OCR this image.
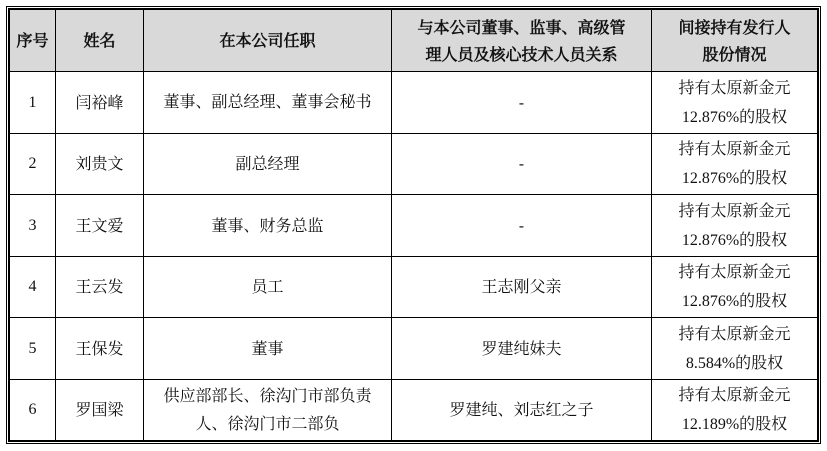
序号	姓名	在本公司任职	与本公司董事、监事、高级管
理人员及核心技术人员关系	间接持有发行人
股份情况
1	闫裕峰	董事、副总经理、董事会秘书	-	持有太原新金元
12.876%的股权
2	刘贵文	副总经理	-	持有太原新金元
12.876%的股权
3	王文爱	董事、财务总监	-	持有太原新金元
12.876%的股权
4	王云发	员工	王志刚父亲	持有太原新金元
12.876%的股权
5	王保发	董事	罗建纯妹夫	持有太原新金元
8.584%的股权
6	罗国梁	供应部部长、徐沟门市部负责人、徐沟门市二部负	罗建纯、刘志红之子	持有太原新金元
12.189%的股权
